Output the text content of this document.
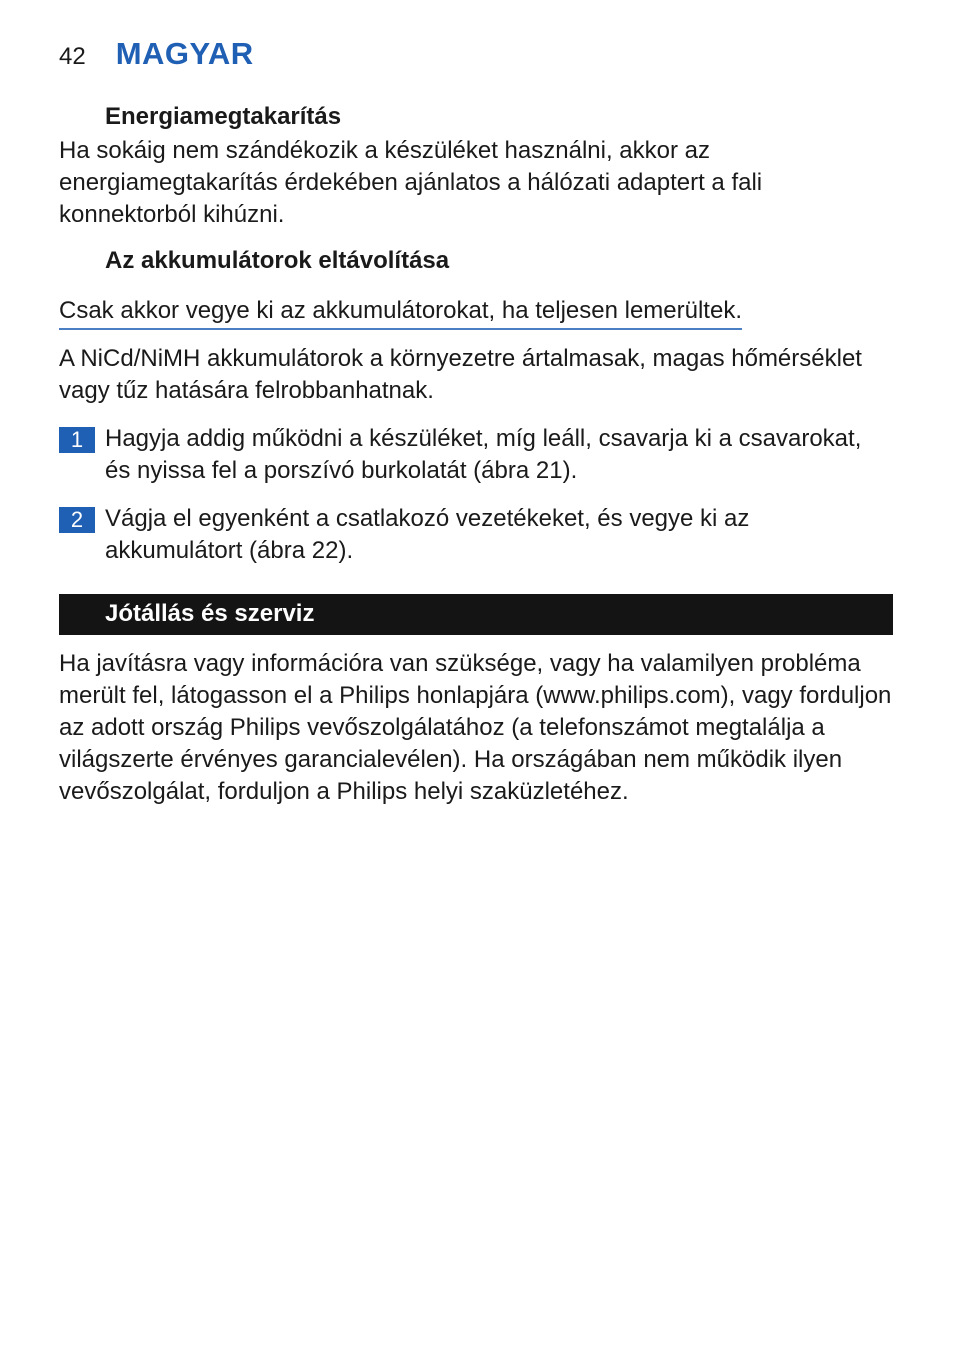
42 MAGYAR
Energiamegtakarítás
Ha sokáig nem szándékozik a készüléket használni, akkor az energiamegtakarítás érdekében ajánlatos a hálózati adaptert a fali konnektorból kihúzni.
Az akkumulátorok eltávolítása
Csak akkor vegye ki az akkumulátorokat, ha teljesen lemerültek.
A NiCd/NiMH akkumulátorok a környezetre ártalmasak, magas hőmérséklet vagy tűz hatására felrobbanhatnak.
1 Hagyja addig működni a készüléket, míg leáll, csavarja ki a csavarokat, és nyissa fel a porszívó burkolatát (ábra 21).
2 Vágja el egyenként a csatlakozó vezetékeket, és vegye ki az akkumulátort (ábra 22).
Jótállás és szerviz
Ha javításra vagy információra van szüksége, vagy ha valamilyen probléma merült fel, látogasson el a Philips honlapjára (www.philips.com), vagy forduljon az adott ország Philips vevőszolgálatához (a telefonszámot megtalálja a világszerte érvényes garancialevélen). Ha országában nem működik ilyen vevőszolgálat, forduljon a Philips helyi szaküzletéhez.
